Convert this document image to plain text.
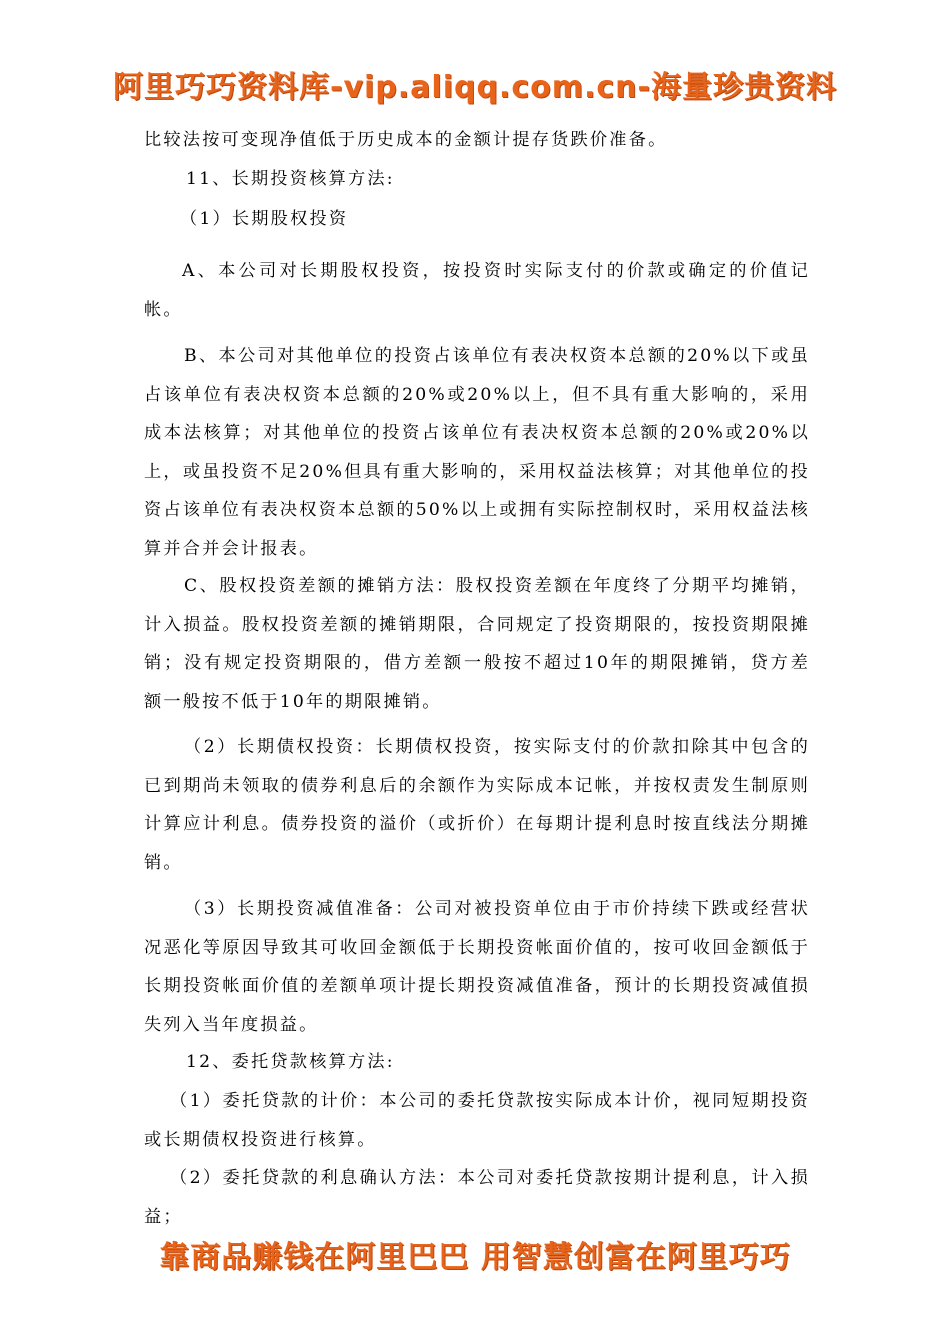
阿里巧巧资料库-vip.aliqq.com.cn-海量珍贵资料

比较法按可变现净值低于历史成本的金额计提存货跌价准备。

11、长期投资核算方法:

（1）长期股权投资

A、本公司对长期股权投资，按投资时实际支付的价款或确定的价值记帐。

B、本公司对其他单位的投资占该单位有表决权资本总额的20%以下或虽占该单位有表决权资本总额的20%或20%以上，但不具有重大影响的，采用成本法核算；对其他单位的投资占该单位有表决权资本总额的20%或20%以上，或虽投资不足20%但具有重大影响的，采用权益法核算；对其他单位的投资占该单位有表决权资本总额的50%以上或拥有实际控制权时，采用权益法核算并合并会计报表。

C、股权投资差额的摊销方法：股权投资差额在年度终了分期平均摊销，计入损益。股权投资差额的摊销期限，合同规定了投资期限的，按投资期限摊销；没有规定投资期限的，借方差额一般按不超过10年的期限摊销，贷方差额一般按不低于10年的期限摊销。

（2）长期债权投资：长期债权投资，按实际支付的价款扣除其中包含的已到期尚未领取的债券利息后的余额作为实际成本记帐，并按权责发生制原则计算应计利息。债券投资的溢价（或折价）在每期计提利息时按直线法分期摊销。

（3）长期投资减值准备：公司对被投资单位由于市价持续下跌或经营状况恶化等原因导致其可收回金额低于长期投资帐面价值的，按可收回金额低于长期投资帐面价值的差额单项计提长期投资减值准备，预计的长期投资减值损失列入当年度损益。

12、委托贷款核算方法:

（1）委托贷款的计价：本公司的委托贷款按实际成本计价，视同短期投资或长期债权投资进行核算。

（2）委托贷款的利息确认方法：本公司对委托贷款按期计提利息，计入损益；

靠商品赚钱在阿里巴巴 用智慧创富在阿里巧巧
